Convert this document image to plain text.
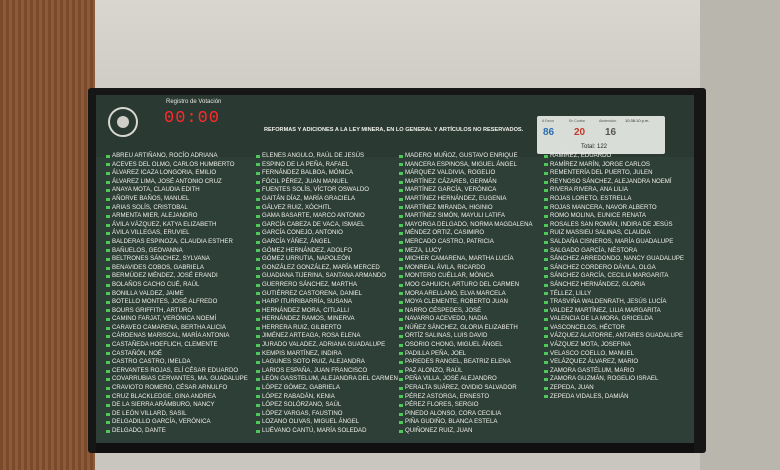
Registro de Votación
00:00
REFORMAS Y ADICIONES A LA LEY MINERA, EN LO GENERAL Y ARTÍCULOS NO RESERVADOS.
A Favor
86
En Contra
20
Abstención
16
10:38:10 p.m.
Total: 122
ABREU ARTIÑANO, ROCÍO ADRIANA
ACEVES DEL OLMO, CARLOS HUMBERTO
ÁLVAREZ ICAZA LONGORIA, EMILIO
ÁLVAREZ LIMA, JOSÉ ANTONIO CRUZ
ANAYA MOTA, CLAUDIA EDITH
AÑORVE BAÑOS, MANUEL
ARIAS SOLÍS, CRISTOBAL
ARMENTA MIER, ALEJANDRO
ÁVILA VÁZQUEZ, KATYA ELIZABETH
ÁVILA VILLEGAS, ERUVIEL
BALDERAS ESPINOZA, CLAUDIA ESTHER
BAÑUELOS, GEOVANNA
BELTRONES SÁNCHEZ, SYLVANA
BENAVIDES COBOS, GABRIELA
BERMÚDEZ MÉNDEZ, JOSÉ ERANDI
BOLAÑOS CACHO CUÉ, RAÚL
BONILLA VALDEZ, JAIME
BOTELLO MONTES, JOSÉ ALFREDO
BOURS GRIFFITH, ARTURO
CAMINO FARJAT, VERÓNICA NOEMÍ
CARAVEO CAMARENA, BERTHA ALICIA
CÁRDENAS MARISCAL, MARÍA ANTONIA
CASTAÑEDA HOEFLICH, CLEMENTE
CASTAÑÓN, NOÉ
CASTRO CASTRO, IMELDA
CERVANTES ROJAS, ELÍ CÉSAR EDUARDO
COVARRUBIAS CERVANTES, MA. GUADALUPE
CRAVIOTO ROMERO, CÉSAR ARNULFO
CRUZ BLACKLEDGE, GINA ANDREA
DE LA SIERRA ARÁMBURO, NANCY
DE LEÓN VILLARD, SASIL
DELGADILLO GARCÍA, VERÓNICA
DELGADO, DANTE
ELENES ANGULO, RAÚL DE JESÚS
ESPINO DE LA PEÑA, RAFAEL
FERNÁNDEZ BALBOA, MÓNICA
FÓCIL PÉREZ, JUAN MANUEL
FUENTES SOLÍS, VÍCTOR OSWALDO
GAITÁN DÍAZ, MARÍA GRACIELA
GÁLVEZ RUIZ, XÓCHITL
GAMA BASARTE, MARCO ANTONIO
GARCÍA CABEZA DE VACA, ISMAEL
GARCÍA CONEJO, ANTONIO
GARCÍA YÁÑEZ, ÁNGEL
GÓMEZ HERNÁNDEZ, ADOLFO
GÓMEZ URRUTIA, NAPOLEÓN
GONZÁLEZ GONZÁLEZ, MARÍA MERCED
GUADIANA TIJERINA, SANTANA ARMANDO
GUERRERO SÁNCHEZ, MARTHA
GUTIÉRREZ CASTORENA, DANIEL
HARP ITURRIBARRÍA, SUSANA
HERNÁNDEZ MORA, CITLALLI
HERNÁNDEZ RAMOS, MINERVA
HERRERA RUIZ, GILBERTO
JIMÉNEZ ARTEAGA, ROSA ELENA
JURADO VALADEZ, ADRIANA GUADALUPE
KEMPIS MARTÍNEZ, INDIRA
LAGUNES SOTO RUIZ, ALEJANDRA
LARIOS ESPAÑA, JUAN FRANCISCO
LEÓN GASSTELUM, ALEJANDRA DEL CARMEN
LÓPEZ GÓMEZ, GABRIELA
LÓPEZ RABADÁN, KENIA
LÓPEZ SOLÓRZANO, SAÚL
LÓPEZ VARGAS, FAUSTINO
LOZANO OLIVAS, MIGUEL ÁNGEL
LUÉVANO CANTÚ, MARÍA SOLEDAD
MADERO MUÑOZ, GUSTAVO ENRIQUE
MANCERA ESPINOSA, MIGUEL ÁNGEL
MÁRQUEZ VALDIVIA, ROGELIO
MARTÍNEZ CÁZARES, GERMÁN
MARTÍNEZ GARCÍA, VERÓNICA
MARTÍNEZ HERNÁNDEZ, EUGENIA
MARTÍNEZ MIRANDA, HIGINIO
MARTÍNEZ SIMÓN, MAYULI LATIFA
MAYORGA DELGADO, NORMA MAGDALENA
MÉNDEZ ORTIZ, CASIMIRO
MERCADO CASTRO, PATRICIA
MEZA, LUCY
MICHER CAMARENA, MARTHA LUCÍA
MONREAL ÁVILA, RICARDO
MONTERO CUÉLLAR, MÓNICA
MOO CAHUICH, ARTURO DEL CARMEN
MORA ARELLANO, ELVA MARCELA
MOYA CLEMENTE, ROBERTO JUAN
NARRO CÉSPEDES, JOSÉ
NAVARRO ACEVEDO, NADIA
NÚÑEZ SÁNCHEZ, GLORIA ELIZABETH
ORTÍZ SALINAS, LUIS DAVID
OSORIO CHONG, MIGUEL ÁNGEL
PADILLA PEÑA, JOEL
PAREDES RANGEL, BEATRIZ ELENA
PAZ ALONZO, RAÚL
PEÑA VILLA, JOSÉ ALEJANDRO
PERALTA SUÁREZ, OVIDIO SALVADOR
PÉREZ ASTORGA, ERNESTO
PÉREZ FLORES, SERGIO
PINEDO ALONSO, CORA CECILIA
PIÑA GUDIÑO, BLANCA ESTELA
QUIÑONEZ RUIZ, JUAN
RAMÍREZ, EDUARDO
RAMÍREZ MARÍN, JORGE CARLOS
REMENTERÍA DEL PUERTO, JULEN
REYNOSO SÁNCHEZ, ALEJANDRA NOEMÍ
RIVERA RIVERA, ANA LILIA
ROJAS LORETO, ESTRELLA
ROJAS MANCERA, NAVOR ALBERTO
ROMO MOLINA, EUNICE RENATA
ROSALES SAN ROMÁN, INDIRA DE JESÚS
RUIZ MASSIEU SALINAS, CLAUDIA
SALDAÑA CISNEROS, MARÍA GUADALUPE
SALGADO GARCÍA, NÉSTORA
SÁNCHEZ ARREDONDO, NANCY GUADALUPE
SÁNCHEZ CORDERO DÁVILA, OLGA
SÁNCHEZ GARCÍA, CECILIA MARGARITA
SÁNCHEZ HERNÁNDEZ, GLORIA
TÉLLEZ, LILLY
TRASVIÑA WALDENRATH, JESÚS LUCÍA
VALDEZ MARTÍNEZ, LILIA MARGARITA
VALENCIA DE LA MORA, GRICELDA
VASCONCELOS, HÉCTOR
VÁZQUEZ ALATORRE, ANTARES GUADALUPE
VÁZQUEZ MOTA, JOSEFINA
VELASCO COELLO, MANUEL
VELÁZQUEZ ÁLVAREZ, MARIO
ZAMORA GASTÉLUM, MARIO
ZAMORA GUZMÁN, ROGELIO ISRAEL
ZEPEDA, JUAN
ZEPEDA VIDALES, DAMIÁN
